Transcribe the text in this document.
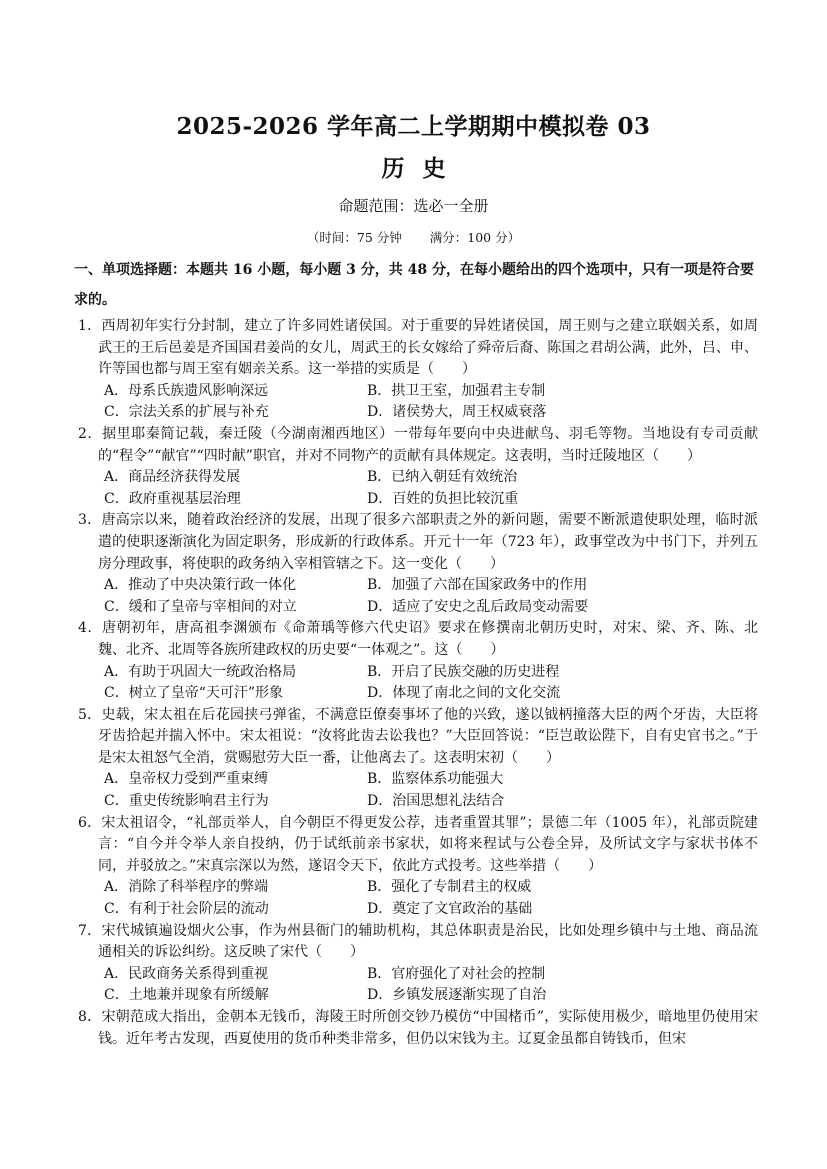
2025-2026 学年高二上学期期中模拟卷 03
历史
命题范围：选必一全册
（时间：75 分钟 满分：100 分）
一、单项选择题：本题共 16 小题，每小题 3 分，共 48 分，在每小题给出的四个选项中，只有一项是符合要求的。
1．西周初年实行分封制，建立了许多同姓诸侯国。对于重要的异姓诸侯国，周王则与之建立联姻关系，如周武王的王后邑姜是齐国国君姜尚的女儿，周武王的长女嫁给了舜帝后裔、陈国之君胡公满，此外，吕、申、许等国也都与周王室有姻亲关系。这一举措的实质是（　　）
A．母系氏族遗风影响深远	B．拱卫王室，加强君主专制
C．宗法关系的扩展与补充	D．诸侯势大，周王权威衰落
2．据里耶秦简记载，秦迁陵（今湖南湘西地区）一带每年要向中央进献鸟、羽毛等物。当地设有专司贡献的“程令”“献官”“四时献”职官，并对不同物产的贡献有具体规定。这表明，当时迁陵地区（　　）
A．商品经济获得发展	B．已纳入朝廷有效统治
C．政府重视基层治理	D．百姓的负担比较沉重
3．唐高宗以来，随着政治经济的发展，出现了很多六部职责之外的新问题，需要不断派遣使职处理，临时派遣的使职逐渐演化为固定职务，形成新的行政体系。开元十一年（723 年），政事堂改为中书门下，并列五房分理政事，将使职的政务纳入宰相管辖之下。这一变化（　　）
A．推动了中央决策行政一体化	B．加强了六部在国家政务中的作用
C．缓和了皇帝与宰相间的对立	D．适应了安史之乱后政局变动需要
4．唐朝初年，唐高祖李渊颁布《命萧瑀等修六代史诏》要求在修撰南北朝历史时，对宋、梁、齐、陈、北魏、北齐、北周等各族所建政权的历史要“一体观之”。这（　　）
A．有助于巩固大一统政治格局	B．开启了民族交融的历史进程
C．树立了皇帝“天可汗”形象	D．体现了南北之间的文化交流
5．史载，宋太祖在后花园挟弓弹雀，不满意臣僚奏事坏了他的兴致，遂以钺柄撞落大臣的两个牙齿，大臣将牙齿拾起并揣入怀中。宋太祖说：“汝将此齿去讼我也？”大臣回答说：“臣岂敢讼陛下，自有史官书之。”于是宋太祖怒气全消，赏赐慰劳大臣一番，让他离去了。这表明宋初（　　）
A．皇帝权力受到严重束缚	B．监察体系功能强大
C．重史传统影响君主行为	D．治国思想礼法结合
6．宋太祖诏令，“礼部贡举人，自今朝臣不得更发公荐，违者重置其罪”；景德二年（1005 年），礼部贡院建言：“自今并令举人亲自投纳，仍于试纸前亲书家状，如将来程试与公卷全异，及所试文字与家状书体不同，并驳放之。”宋真宗深以为然，遂诏令天下，依此方式投考。这些举措（　　）
A．消除了科举程序的弊端	B．强化了专制君主的权威
C．有利于社会阶层的流动	D．奠定了文官政治的基础
7．宋代城镇遍设烟火公事，作为州县衙门的辅助机构，其总体职责是治民，比如处理乡镇中与土地、商品流通相关的诉讼纠纷。这反映了宋代（　　）
A．民政商务关系得到重视	B．官府强化了对社会的控制
C．土地兼并现象有所缓解	D．乡镇发展逐渐实现了自治
8．宋朝范成大指出，金朝本无钱币，海陵王时所创交钞乃模仿“中国楮币”，实际使用极少，暗地里仍使用宋钱。近年考古发现，西夏使用的货币种类非常多，但仍以宋钱为主。辽夏金虽都自铸钱币，但宋
